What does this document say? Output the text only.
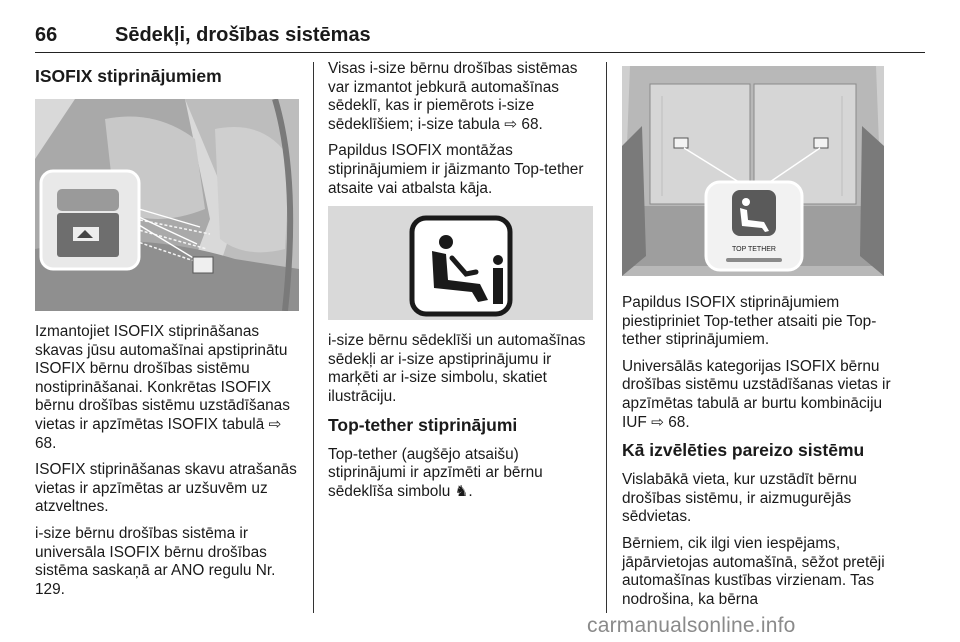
66	Sēdekļi, drošības sistēmas
ISOFIX stiprinājumiem

Izmantojiet ISOFIX stiprināšanas skavas jūsu automašīnai apstiprinātu ISOFIX bērnu drošības sistēmu nostiprināšanai. Konkrētas ISOFIX bērnu drošības sistēmu uzstādīšanas vietas ir apzīmētas ISOFIX tabulā ⇨ 68.

ISOFIX stiprināšanas skavu atrašanās vietas ir apzīmētas ar uzšuvēm uz atzveltnes.

i-size bērnu drošības sistēma ir universāla ISOFIX bērnu drošības sistēma saskaņā ar ANO regulu Nr. 129.

Visas i-size bērnu drošības sistēmas var izmantot jebkurā automašīnas sēdeklī, kas ir piemērots i-size sēdeklīšiem; i-size tabula ⇨ 68.

Papildus ISOFIX montāžas stiprinājumiem ir jāizmanto Top-tether atsaite vai atbalsta kāja.

i-size bērnu sēdeklīši un automašīnas sēdekļi ar i-size apstiprinājumu ir marķēti ar i-size simbolu, skatiet ilustrāciju.

Top-tether stiprinājumi

Top-tether (augšējo atsaišu) stiprinājumi ir apzīmēti ar bērnu sēdeklīša simbolu ♞.

TOP TETHER

Papildus ISOFIX stiprinājumiem piestipriniet Top-tether atsaiti pie Top-tether stiprinājumiem.

Universālās kategorijas ISOFIX bērnu drošības sistēmu uzstādīšanas vietas ir apzīmētas tabulā ar burtu kombināciju IUF ⇨ 68.

Kā izvēlēties pareizo sistēmu

Vislabākā vieta, kur uzstādīt bērnu drošības sistēmu, ir aizmugurējās sēdvietas.

Bērniem, cik ilgi vien iespējams, jāpārvietojas automašīnā, sēžot pretēji automašīnas kustības virzienam. Tas nodrošina, ka bērna

carmanualsonline.info
